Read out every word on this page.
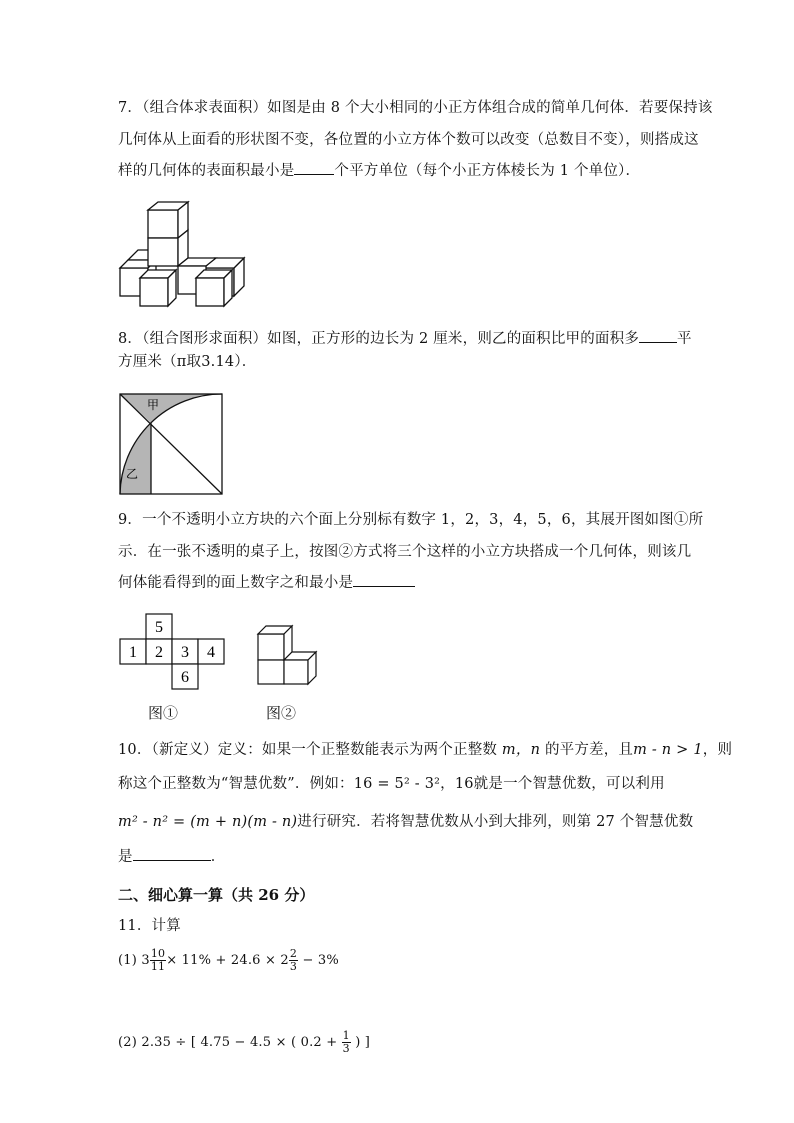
7．（组合体求表面积）如图是由 8 个大小相同的小正方体组合成的简单几何体．若要保持该
几何体从上面看的形状图不变，各位置的小立方体个数可以改变（总数目不变），则搭成这
样的几何体的表面积最小是	个平方单位（每个小正方体棱长为 1 个单位）．
8．（组合图形求面积）如图，正方形的边长为 2 厘米，则乙的面积比甲的面积多	平
方厘米（π取3.14）．
甲
乙
9．一个不透明小立方块的六个面上分别标有数字 1，2，3，4，5，6，其展开图如图①所
示．在一张不透明的桌子上，按图②方式将三个这样的小立方块搭成一个几何体，则该几
何体能看得到的面上数字之和最小是
5
1 2 3 4
6
图①	图②
10．（新定义）定义：如果一个正整数能表示为两个正整数 m，n 的平方差，且m - n > 1，则
称这个正整数为“智慧优数”．例如：16 = 5² - 3²，16就是一个智慧优数，可以利用
m² - n² = (m + n)(m - n)进行研究．若将智慧优数从小到大排列，则第 27 个智慧优数
是	．
二、细心算一算（共 26 分）
11．计算
(1) $3 \frac{10}{11} \times 11\% + 24.6 \times 2 \frac{2}{3} - 3\%$
(2) 2.35 ÷ [ 4.75 − 4.5 × ( $0.2 + \frac{1}{3}$ ) ]
